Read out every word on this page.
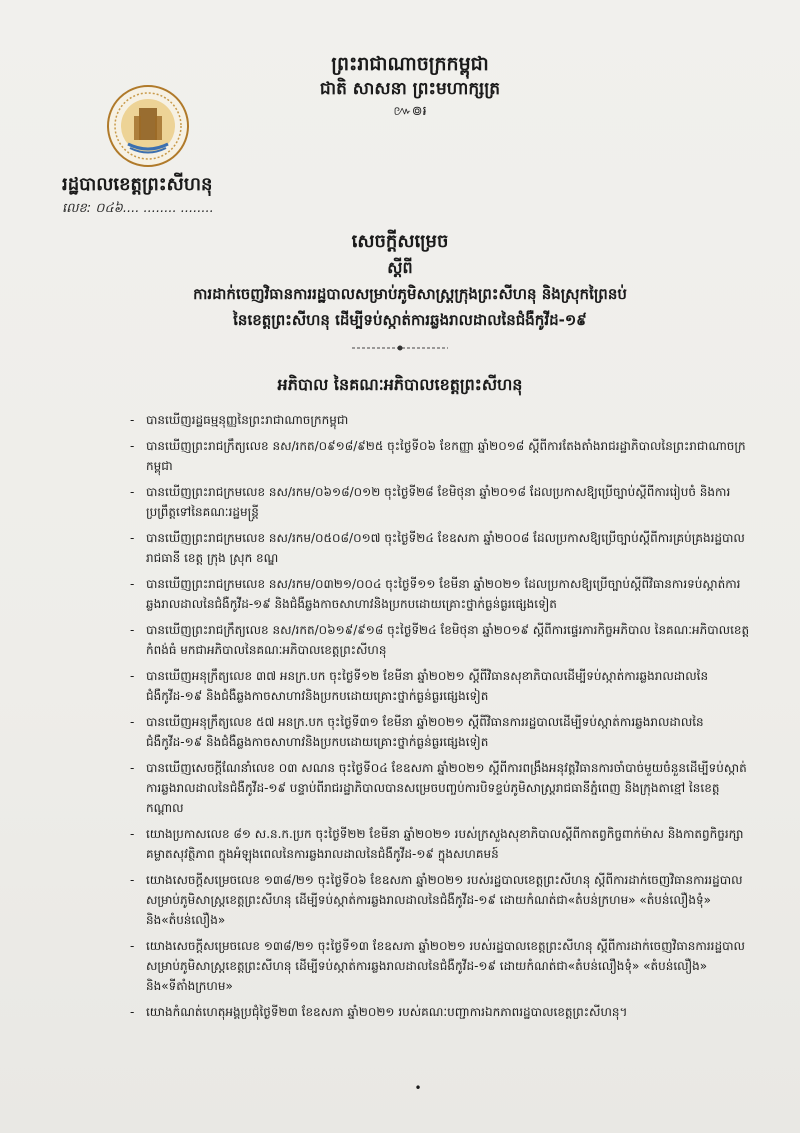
ព្រះរាជាណាចក្រកម្ពុជា
ជាតិ សាសនា ព្រះមហាក្សត្រ
៚៙៛
រដ្ឋបាលខេត្តព្រះសីហនុ
លេខ: ០៤៦.... ........ ........
សេចក្ដីសម្រេច
ស្ដីពី
ការដាក់ចេញវិធានការរដ្ឋបាលសម្រាប់ភូមិសាស្ត្រក្រុងព្រះសីហនុ និងស្រុកព្រៃនប់
នៃខេត្តព្រះសីហនុ ដើម្បីទប់ស្កាត់ការឆ្លងរាលដាលនៃជំងឺកូវីដ-១៩
អភិបាល នៃគណៈអភិបាលខេត្តព្រះសីហនុ
- បានឃើញរដ្ឋធម្មនុញ្ញនៃព្រះរាជាណាចក្រកម្ពុជា
- បានឃើញព្រះរាជក្រឹត្យលេខ នស/រកត/០៩១៨/៩២៥ ចុះថ្ងៃទី០៦ ខែកញ្ញា ឆ្នាំ២០១៨ ស្ដីពីការតែងតាំងរាជរដ្ឋាភិបាលនៃព្រះរាជាណាចក្រកម្ពុជា
- បានឃើញព្រះរាជក្រមលេខ នស/រកម/០៦១៨/០១២ ចុះថ្ងៃទី២៨ ខែមិថុនា ឆ្នាំ២០១៨ ដែលប្រកាសឱ្យប្រើច្បាប់ស្ដីពីការរៀបចំ និងការប្រព្រឹត្តទៅនៃគណៈរដ្ឋមន្ត្រី
- បានឃើញព្រះរាជក្រមលេខ នស/រកម/០៥០៨/០១៧ ចុះថ្ងៃទី២៤ ខែឧសភា ឆ្នាំ២០០៨ ដែលប្រកាសឱ្យប្រើច្បាប់ស្ដីពីការគ្រប់គ្រងរដ្ឋបាលរាជធានី ខេត្ត ក្រុង ស្រុក ខណ្ឌ
- បានឃើញព្រះរាជក្រមលេខ នស/រកម/០៣២១/០០៤ ចុះថ្ងៃទី១១ ខែមីនា ឆ្នាំ២០២១ ដែលប្រកាសឱ្យប្រើច្បាប់ស្ដីពីវិធានការទប់ស្កាត់ការឆ្លងរាលដាលនៃជំងឺកូវីដ-១៩ និងជំងឺឆ្លងកាចសាហាវនិងប្រកបដោយគ្រោះថ្នាក់ធ្ងន់ធ្ងរផ្សេងទៀត
- បានឃើញព្រះរាជក្រឹត្យលេខ នស/រកត/០៦១៩/៩១៨ ចុះថ្ងៃទី២៤ ខែមិថុនា ឆ្នាំ២០១៩ ស្ដីពីការផ្ទេរភារកិច្ចអភិបាល នៃគណៈអភិបាលខេត្តកំពង់ធំ មកជាអភិបាលនៃគណៈអភិបាលខេត្តព្រះសីហនុ
- បានឃើញអនុក្រឹត្យលេខ ៣៧ អនក្រ.បក ចុះថ្ងៃទី១២ ខែមីនា ឆ្នាំ២០២១ ស្ដីពីវិធានសុខាភិបាលដើម្បីទប់ស្កាត់ការឆ្លងរាលដាលនៃជំងឺកូវីដ-១៩ និងជំងឺឆ្លងកាចសាហាវនិងប្រកបដោយគ្រោះថ្នាក់ធ្ងន់ធ្ងរផ្សេងទៀត
- បានឃើញអនុក្រឹត្យលេខ ៥៧ អនក្រ.បក ចុះថ្ងៃទី៣១ ខែមីនា ឆ្នាំ២០២១ ស្ដីពីវិធានការរដ្ឋបាលដើម្បីទប់ស្កាត់ការឆ្លងរាលដាលនៃជំងឺកូវីដ-១៩ និងជំងឺឆ្លងកាចសាហាវនិងប្រកបដោយគ្រោះថ្នាក់ធ្ងន់ធ្ងរផ្សេងទៀត
- បានឃើញសេចក្ដីណែនាំលេខ ០៣ សណន ចុះថ្ងៃទី០៤ ខែឧសភា ឆ្នាំ២០២១ ស្ដីពីការពង្រឹងអនុវត្តវិធានការចាំបាច់មួយចំនួនដើម្បីទប់ស្កាត់ការឆ្លងរាលដាលនៃជំងឺកូវីដ-១៩ បន្ទាប់ពីរាជរដ្ឋាភិបាលបានសម្រេចបញ្ចប់ការបិទខ្ទប់ភូមិសាស្ត្ររាជធានីភ្នំពេញ និងក្រុងតាខ្មៅ នៃខេត្តកណ្ដាល
- យោងប្រកាសលេខ ៨១ ស.ន.ក.ប្រក ចុះថ្ងៃទី២២ ខែមីនា ឆ្នាំ២០២១ របស់ក្រសួងសុខាភិបាលស្ដីពីកាតព្វកិច្ចពាក់ម៉ាស និងកាតព្វកិច្ចរក្សាគម្លាតសុវត្ថិភាព ក្នុងអំឡុងពេលនៃការឆ្លងរាលដាលនៃជំងឺកូវីដ-១៩ ក្នុងសហគមន៍
- យោងសេចក្ដីសម្រេចលេខ ១៣៨/២១ ចុះថ្ងៃទី០៦ ខែឧសភា ឆ្នាំ២០២១ របស់រដ្ឋបាលខេត្តព្រះសីហនុ ស្ដីពីការដាក់ចេញវិធានការរដ្ឋបាលសម្រាប់ភូមិសាស្ត្រខេត្តព្រះសីហនុ ដើម្បីទប់ស្កាត់ការឆ្លងរាលដាលនៃជំងឺកូវីដ-១៩ ដោយកំណត់ជា«តំបន់ក្រហម» «តំបន់លឿងទុំ» និង«តំបន់លឿង»
- យោងសេចក្ដីសម្រេចលេខ ១៣៨/២១ ចុះថ្ងៃទី១៣ ខែឧសភា ឆ្នាំ២០២១ របស់រដ្ឋបាលខេត្តព្រះសីហនុ ស្ដីពីការដាក់ចេញវិធានការរដ្ឋបាលសម្រាប់ភូមិសាស្ត្រខេត្តព្រះសីហនុ ដើម្បីទប់ស្កាត់ការឆ្លងរាលដាលនៃជំងឺកូវីដ-១៩ ដោយកំណត់ជា«តំបន់លឿងទុំ» «តំបន់លឿង» និង«ទីតាំងក្រហម»
- យោងកំណត់ហេតុអង្គប្រជុំថ្ងៃទី២៣ ខែឧសភា ឆ្នាំ២០២១ របស់គណៈបញ្ជាការឯកភាពរដ្ឋបាលខេត្តព្រះសីហនុ។
•
